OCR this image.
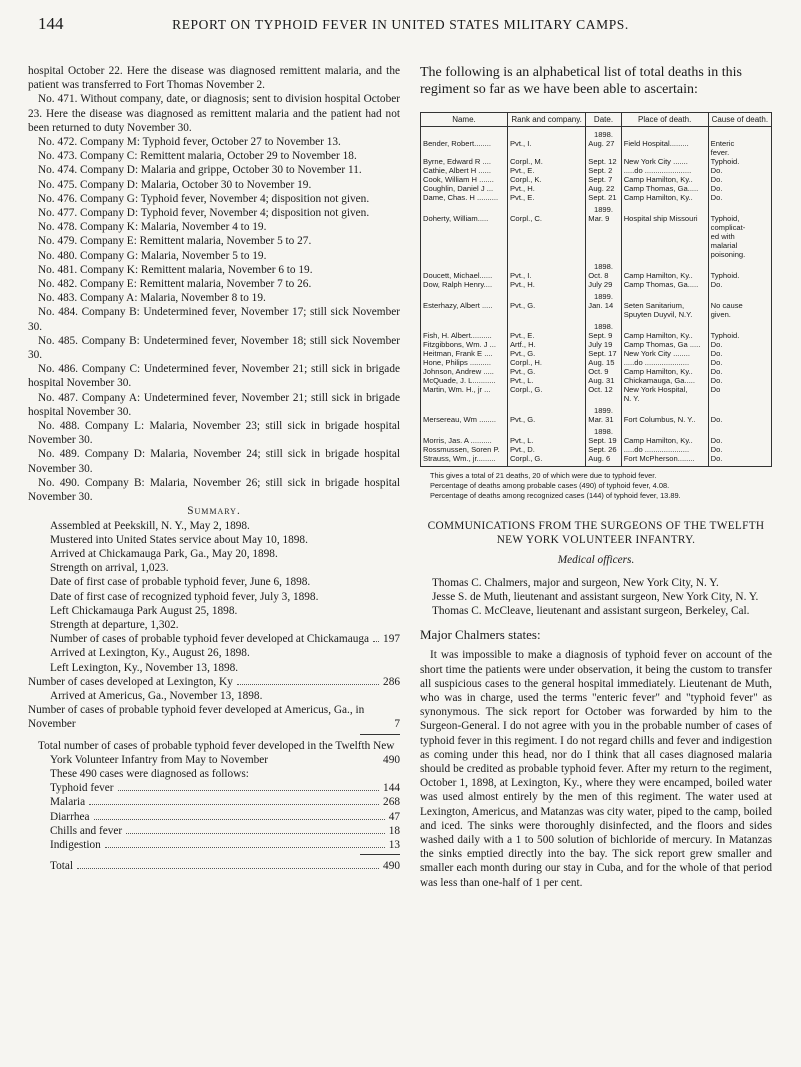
144	REPORT ON TYPHOID FEVER IN UNITED STATES MILITARY CAMPS.

hospital October 22. Here the disease was diagnosed remittent malaria, and the patient was transferred to Fort Thomas November 2.

No. 471. Without company, date, or diagnosis; sent to division hospital October 23. Here the disease was diagnosed as remittent malaria and the patient had not been returned to duty November 30.

No. 472. Company M: Typhoid fever, October 27 to November 13.

No. 473. Company C: Remittent malaria, October 29 to November 18.

No. 474. Company D: Malaria and grippe, October 30 to November 11.

No. 475. Company D: Malaria, October 30 to November 19.

No. 476. Company G: Typhoid fever, November 4; disposition not given.

No. 477. Company D: Typhoid fever, November 4; disposition not given.

No. 478. Company K: Malaria, November 4 to 19.

No. 479. Company E: Remittent malaria, November 5 to 27.

No. 480. Company G: Malaria, November 5 to 19.

No. 481. Company K: Remittent malaria, November 6 to 19.

No. 482. Company E: Remittent malaria, November 7 to 26.

No. 483. Company A: Malaria, November 8 to 19.

No. 484. Company B: Undetermined fever, November 17; still sick November 30.

No. 485. Company B: Undetermined fever, November 18; still sick November 30.

No. 486. Company C: Undetermined fever, November 21; still sick in brigade hospital November 30.

No. 487. Company A: Undetermined fever, November 21; still sick in brigade hospital November 30.

No. 488. Company L: Malaria, November 23; still sick in brigade hospital November 30.

No. 489. Company D: Malaria, November 24; still sick in brigade hospital November 30.

No. 490. Company B: Malaria, November 26; still sick in brigade hospital November 30.

Summary.

Assembled at Peekskill, N. Y., May 2, 1898.

Mustered into United States service about May 10, 1898.

Arrived at Chickamauga Park, Ga., May 20, 1898.

Strength on arrival, 1,023.

Date of first case of probable typhoid fever, June 6, 1898.

Date of first case of recognized typhoid fever, July 3, 1898.

Left Chickamauga Park August 25, 1898.

Strength at departure, 1,302.

Number of cases of probable typhoid fever developed at Chickamauga 197

Arrived at Lexington, Ky., August 26, 1898.

Left Lexington, Ky., November 13, 1898.

Number of cases developed at Lexington, Ky	286

Arrived at Americus, Ga., November 13, 1898.

Number of cases of probable typhoid fever developed at Americus, Ga., in November	7
Total number of cases of probable typhoid fever developed in the Twelfth New York Volunteer Infantry from May to November	490

These 490 cases were diagnosed as follows:

Typhoid fever	144
Malaria	268
Diarrhea	47
Chills and fever	18
Indigestion	13
Total	490

The following is an alphabetical list of total deaths in this regiment so far as we have been able to ascertain:

Name.	Rank and company.	Date.	Place of death.	Cause of death.
		1898.		
Bender, Robert........	Pvt., I.	Aug. 27	Field Hospital.........	Enteric
				fever.
Byrne, Edward R ....	Corpl., M.	Sept. 12	New York City .......	Typhoid.
Cathie, Albert H ......	Pvt., E.	Sept. 2	.....do ......................	Do.
Cook, William H .......	Corpl., K.	Sept. 7	Camp Hamilton, Ky..	Do.
Coughlin, Daniel J ...	Pvt., H.	Aug. 22	Camp Thomas, Ga.....	Do.
Dame, Chas. H ..........	Pvt., E.	Sept. 21	Camp Hamilton, Ky..	Do.
		1899.		
Doherty, William.....	Corpl., C.	Mar. 9	Hospital ship Missouri	Typhoid,
				complicat-
				ed with
				malarial
				poisoning.
		1898.		
Doucett, Michael......	Pvt., I.	Oct. 8	Camp Hamilton, Ky..	Typhoid.
Dow, Ralph Henry....	Pvt., H.	July 29	Camp Thomas, Ga.....	Do.
		1899.		
Esterhazy, Albert .....	Pvt., G.	Jan. 14	Seten Sanitarium,	No cause
			Spuyten Duyvil, N.Y.	given.
		1898.		
Fish, H. Albert..........	Pvt., E.	Sept. 9	Camp Hamilton, Ky..	Typhoid.
Fitzgibbons, Wm. J ...	Artf., H.	July 19	Camp Thomas, Ga .....	Do.
Heitman, Frank E ....	Pvt., G.	Sept. 17	New York City ........	Do.
Hone, Philips ..........	Corpl., H.	Aug. 15	.....do .....................	Do.
Johnson, Andrew .....	Pvt., G.	Oct. 9	Camp Hamilton, Ky..	Do.
McQuade, J. L...........	Pvt., L.	Aug. 31	Chickamauga, Ga.....	Do.
Martin, Wm. H., jr ...	Corpl., G.	Oct. 12	New York Hospital,	Do
			N. Y.	
		1899.		
Mersereau, Wm ........	Pvt., G.	Mar. 31	Fort Columbus, N. Y..	Do.
		1898.		
Morris, Jas. A ..........	Pvt., L.	Sept. 19	Camp Hamilton, Ky..	Do.
Rossmussen, Soren P.	Pvt., D.	Sept. 26	.....do .....................	Do.
Strauss, Wm., jr.........	Corpl., G.	Aug. 6	Fort McPherson........	Do.

This gives a total of 21 deaths, 20 of which were due to typhoid fever.

Percentage of deaths among probable cases (490) of typhoid fever, 4.08.

Percentage of deaths among recognized cases (144) of typhoid fever, 13.89.

COMMUNICATIONS FROM THE SURGEONS OF THE TWELFTH NEW YORK VOLUNTEER INFANTRY.

Medical officers.

Thomas C. Chalmers, major and surgeon, New York City, N. Y.

Jesse S. de Muth, lieutenant and assistant surgeon, New York City, N. Y.

Thomas C. McCleave, lieutenant and assistant surgeon, Berkeley, Cal.

Major Chalmers states:

It was impossible to make a diagnosis of typhoid fever on account of the short time the patients were under observation, it being the custom to transfer all suspicious cases to the general hospital immediately. Lieutenant de Muth, who was in charge, used the terms "enteric fever" and "typhoid fever" as synonymous. The sick report for October was forwarded by him to the Surgeon-General. I do not agree with you in the probable number of cases of typhoid fever in this regiment. I do not regard chills and fever and indigestion as coming under this head, nor do I think that all cases diagnosed malaria should be credited as probable typhoid fever. After my return to the regiment, October 1, 1898, at Lexington, Ky., where they were encamped, boiled water was used almost entirely by the men of this regiment. The water used at Lexington, Americus, and Matanzas was city water, piped to the camp, boiled and iced. The sinks were thoroughly disinfected, and the floors and sides washed daily with a 1 to 500 solution of bichloride of mercury. In Matanzas the sinks emptied directly into the bay. The sick report grew smaller and smaller each month during our stay in Cuba, and for the whole of that period was less than one-half of 1 per cent.
